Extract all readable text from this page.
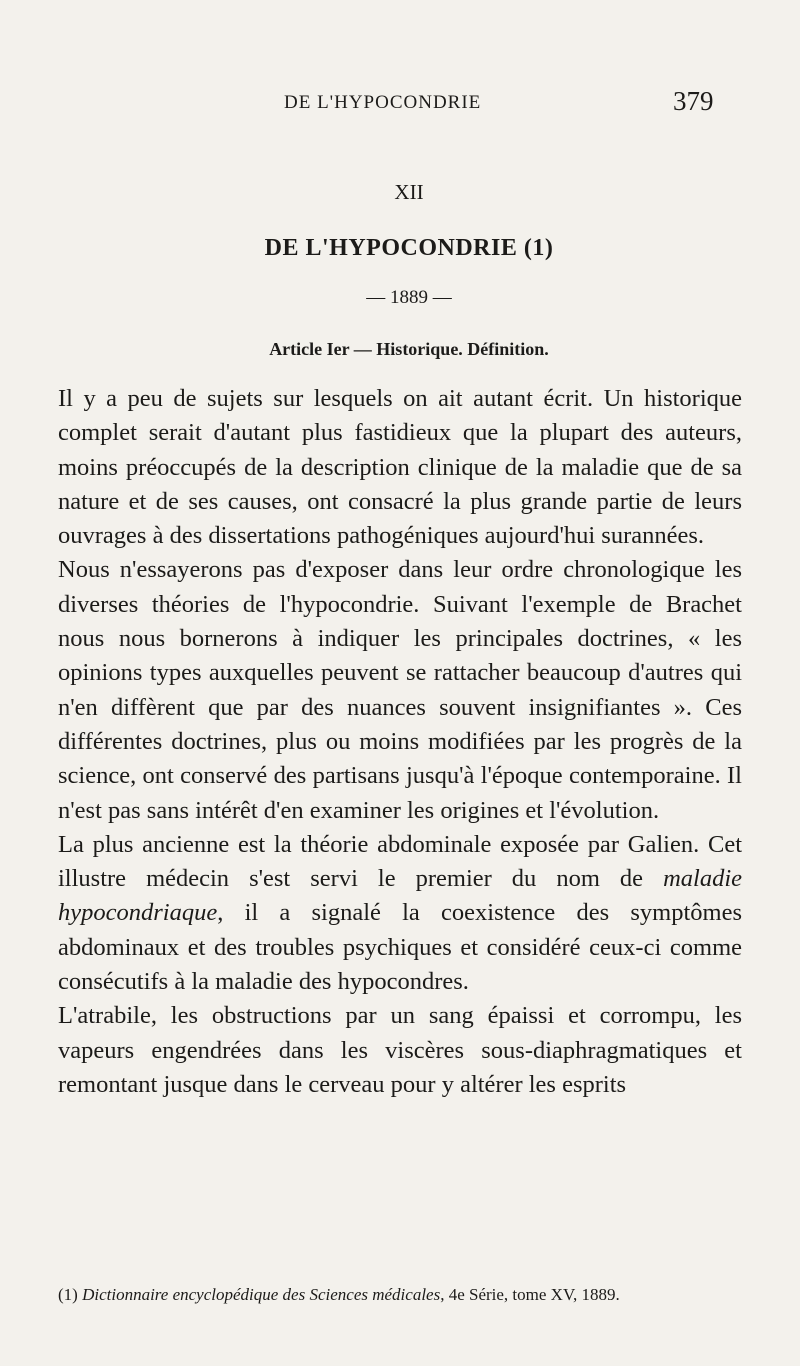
DE L'HYPOCONDRIE	379
XII
DE L'HYPOCONDRIE (1)
— 1889 —
Article Ier — Historique. Définition.

Il y a peu de sujets sur lesquels on ait autant écrit. Un historique complet serait d'autant plus fastidieux que la plupart des auteurs, moins préoccupés de la description clinique de la maladie que de sa nature et de ses causes, ont consacré la plus grande partie de leurs ouvrages à des dissertations pathogéniques aujourd'hui surannées.

Nous n'essayerons pas d'exposer dans leur ordre chronologique les diverses théories de l'hypocondrie. Suivant l'exemple de Brachet nous nous bornerons à indiquer les principales doctrines, « les opinions types auxquelles peuvent se rattacher beaucoup d'autres qui n'en diffèrent que par des nuances souvent insignifiantes ». Ces différentes doctrines, plus ou moins modifiées par les progrès de la science, ont conservé des partisans jusqu'à l'époque contemporaine. Il n'est pas sans intérêt d'en examiner les origines et l'évolution.

La plus ancienne est la théorie abdominale exposée par Galien. Cet illustre médecin s'est servi le premier du nom de maladie hypocondriaque, il a signalé la coexistence des symptômes abdominaux et des troubles psychiques et considéré ceux-ci comme consécutifs à la maladie des hypocondres.

L'atrabile, les obstructions par un sang épaissi et corrompu, les vapeurs engendrées dans les viscères sous-diaphragmatiques et remontant jusque dans le cerveau pour y altérer les esprits

(1) Dictionnaire encyclopédique des Sciences médicales, 4e Série, tome XV, 1889.
